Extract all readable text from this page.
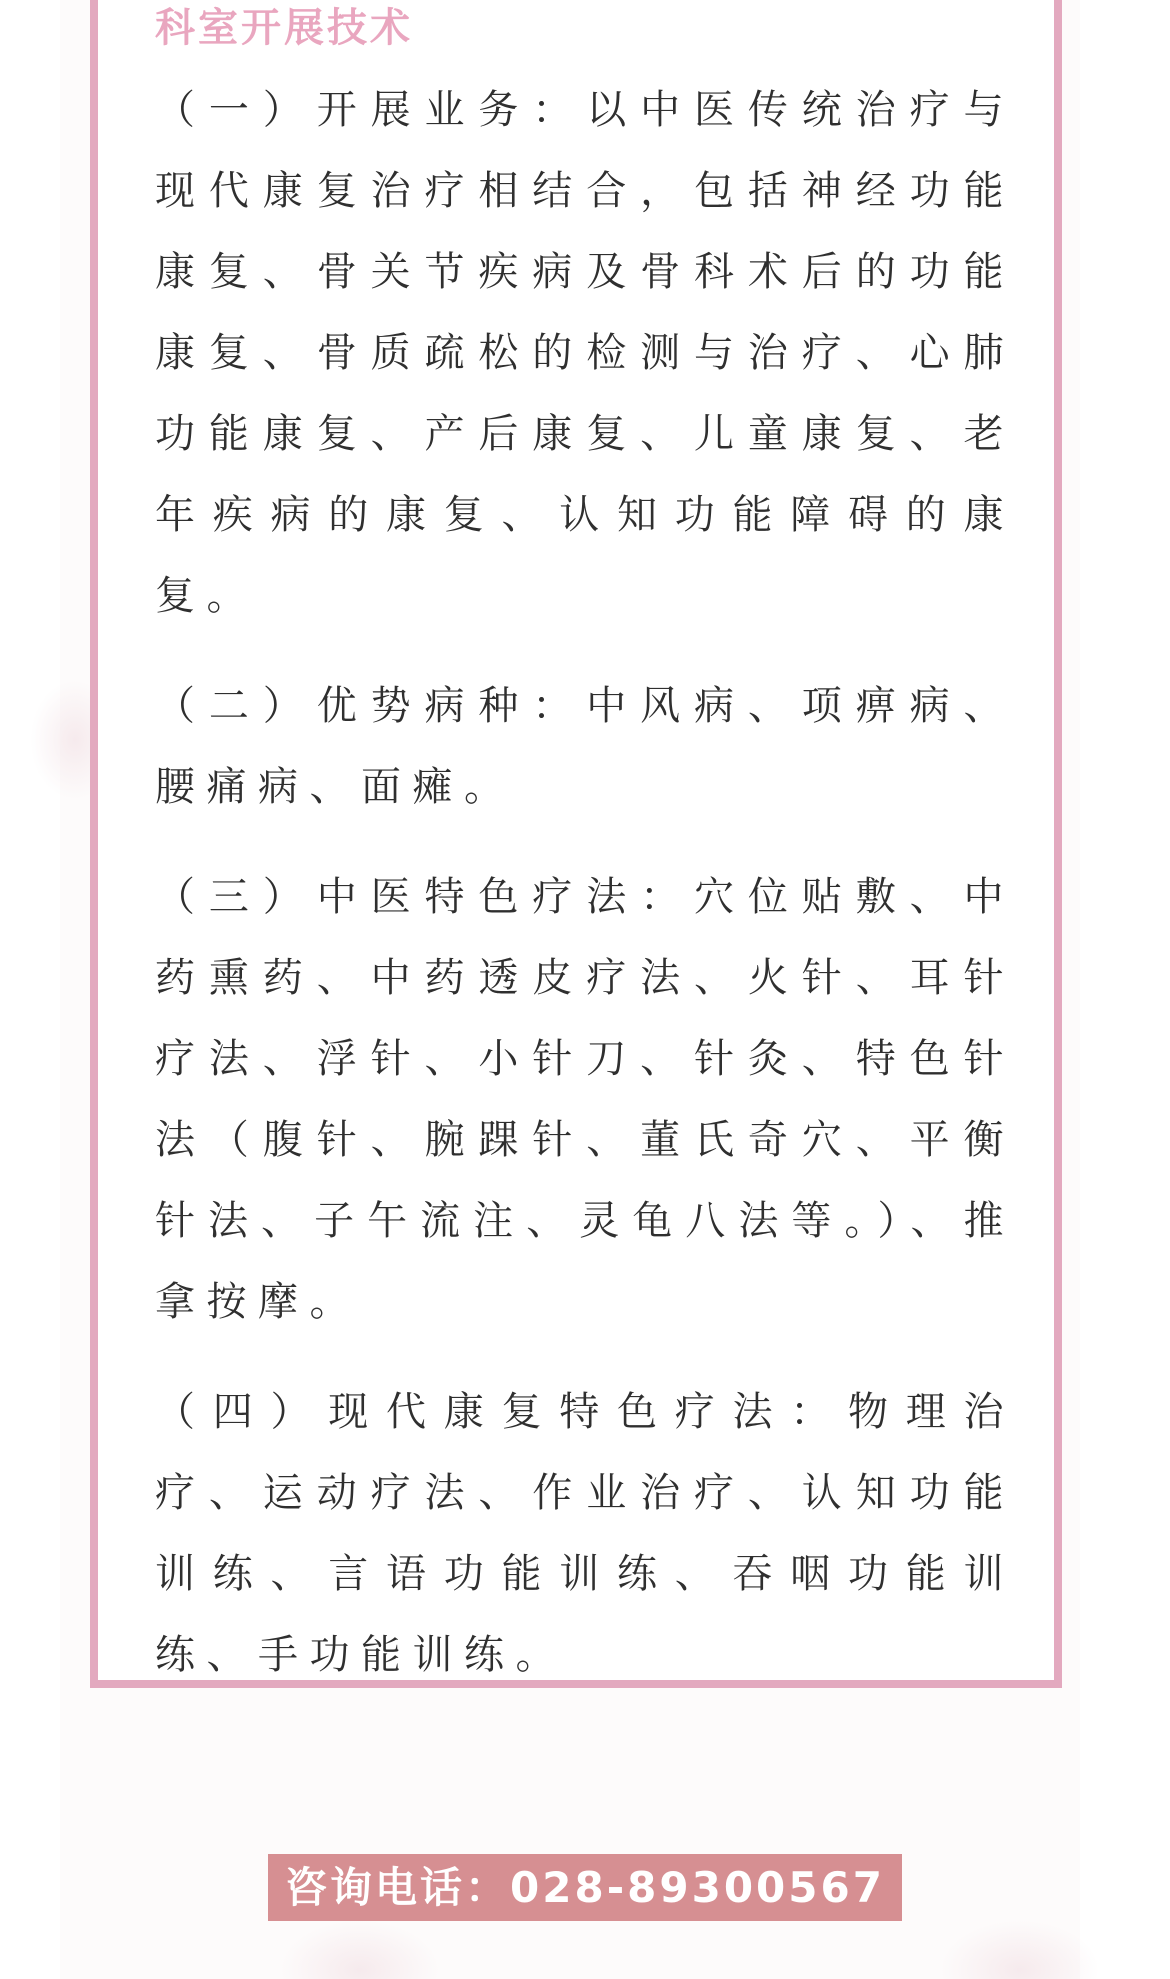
科室开展技术

（一）开展业务：以中医传统治疗与现代康复治疗相结合，包括神经功能康复、骨关节疾病及骨科术后的功能康复、骨质疏松的检测与治疗、心肺功能康复、产后康复、儿童康复、老年疾病的康复、认知功能障碍的康复。

（二）优势病种：中风病、项痹病、腰痛病、面瘫。

（三）中医特色疗法：穴位贴敷、中药熏药、中药透皮疗法、火针、耳针疗法、浮针、小针刀、针灸、特色针法（腹针、腕踝针、董氏奇穴、平衡针法、子午流注、灵龟八法等。）、推拿按摩。

（四）现代康复特色疗法：物理治疗、运动疗法、作业治疗、认知功能训练、言语功能训练、吞咽功能训练、手功能训练。

咨询电话：028-89300567
